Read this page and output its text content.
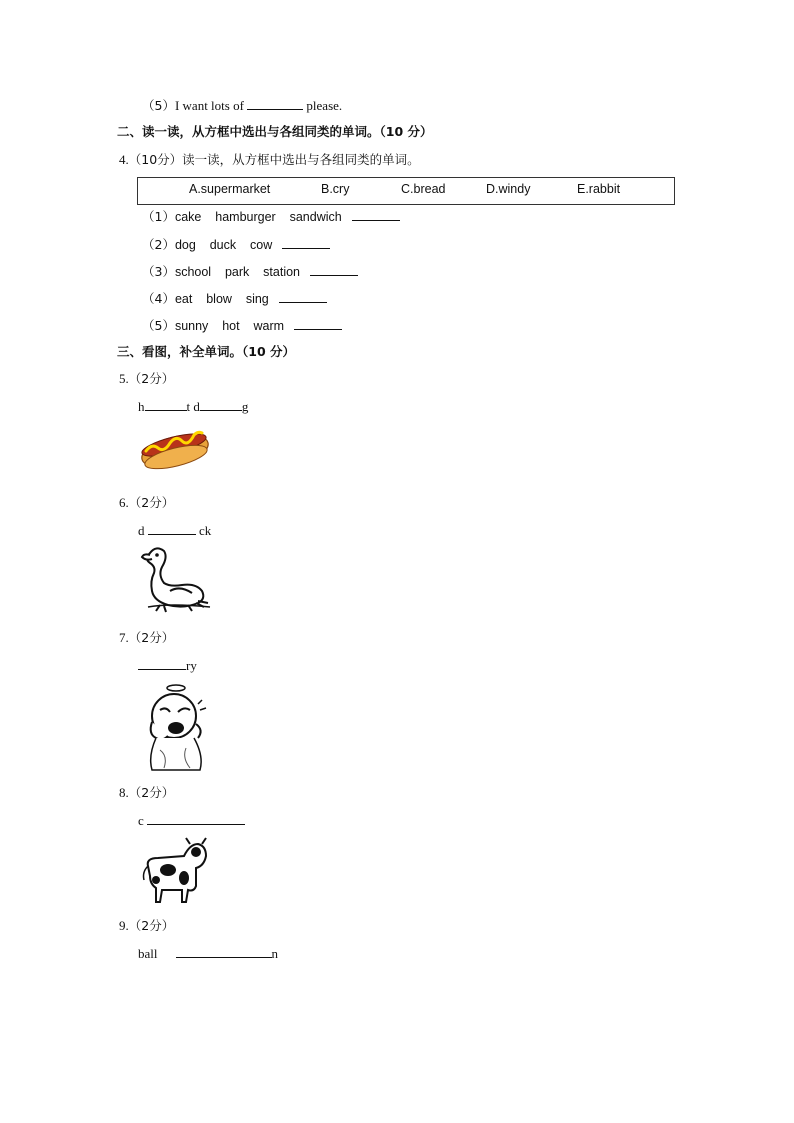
（5）I want lots of	please.
二、读一读，从方框中选出与各组同类的单词。（10 分）
4.（10分）读一读，从方框中选出与各组同类的单词。
A.supermarket	B.cry	C.bread	D.windy	E.rabbit
（1）cake    hamburger    sandwich
（2）dog    duck    cow
（3）school    park    station
（4）eat    blow    sing
（5）sunny    hot    warm
三、看图，补全单词。（10 分）
5.（2分）
h	t d	g
6.（2分）
d	ck
7.（2分）
ry
8.（2分）
c
9.（2分）
ball	n
